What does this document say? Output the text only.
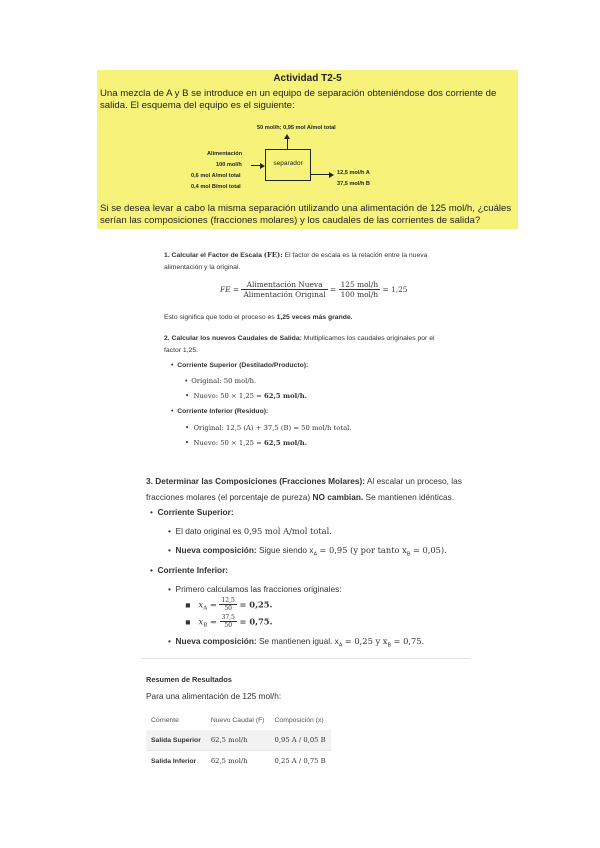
Actividad T2-5
Una mezcla de A y B se introduce en un equipo de separación obteniéndose dos corriente de salida. El esquema del equipo es el siguiente:
50 mol/h; 0,95 mol A/mol total
Alimentación
100 mol/h
0,6 mol A/mol total
0,4 mol B/mol total
separador
12,5 mol/h A
37,5 mol/h B
Si se desea levar a cabo la misma separación utilizando una alimentación de 125 mol/h, ¿cuáles serían las composiciones (fracciones molares) y los caudales de las corrientes de salida?
1. Calcular el Factor de Escala (FE): El factor de escala es la relación entre la nueva
alimentación y la original.
FE = $\frac{\text{Alimentación Nueva}}{\text{Alimentación Original}} = \frac{\text{125 mol/h}}{\text{100 mol/h}} = 1,25$
Esto significa que todo el proceso es 1,25 veces más grande.
2. Calcular los nuevos Caudales de Salida: Multiplicamos los caudales originales por el
factor 1,25.
• Corriente Superior (Destilado/Producto):
• Original: 50 mol/h.
• Nuevo: 50 × 1,25 = 62,5 mol/h.
• Corriente Inferior (Residuo):
• Original: 12,5 (A) + 37,5 (B) = 50 mol/h total.
• Nuevo: 50 × 1,25 = 62,5 mol/h.
3. Determinar las Composiciones (Fracciones Molares): Al escalar un proceso, las
fracciones molares (el porcentaje de pureza) NO cambian. Se mantienen idénticas.
• Corriente Superior:
• El dato original es 0,95 mol A/mol total.
• Nueva composición: Sigue siendo $x_A = 0,95$ (y por tanto $x_B = 0,05$).
• Corriente Inferior:
• Primero calculamos las fracciones originales:
▪ $x_A = \frac{12,5}{50} = 0,25$.
▪ $x_B = \frac{37,5}{50} = 0,75$.
• Nueva composición: Se mantienen igual. $x_A = 0,25$ y $x_B = 0,75$.
Resumen de Resultados
Para una alimentación de 125 mol/h:
Corriente	Nuevo Caudal (F)	Composición (x)
Salida Superior	62,5 mol/h	0,95 A / 0,05 B
Salida Inferior	62,5 mol/h	0,25 A / 0,75 B
